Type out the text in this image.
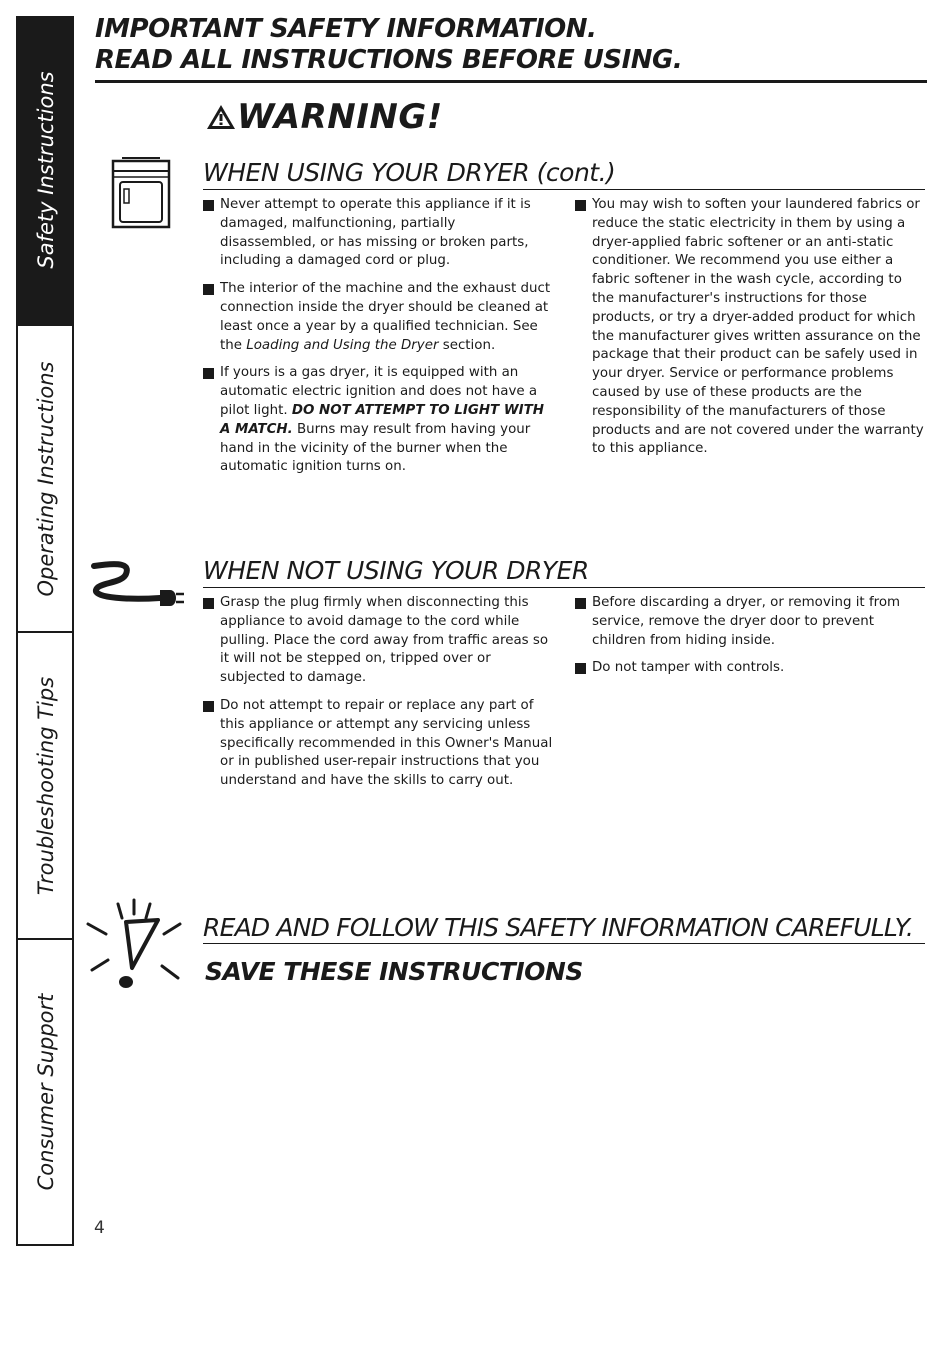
Safety Instructions
Operating Instructions
Troubleshooting Tips
Consumer Support
IMPORTANT SAFETY INFORMATION.
READ ALL INSTRUCTIONS BEFORE USING.
WARNING!
WHEN USING YOUR DRYER (cont.)
Never attempt to operate this appliance if it is damaged, malfunctioning, partially disassembled, or has missing or broken parts, including a damaged cord or plug.
The interior of the machine and the exhaust duct connection inside the dryer should be cleaned at least once a year by a qualified technician. See the Loading and Using the Dryer section.
If yours is a gas dryer, it is equipped with an automatic electric ignition and does not have a pilot light. DO NOT ATTEMPT TO LIGHT WITH A MATCH. Burns may result from having your hand in the vicinity of the burner when the automatic ignition turns on.
You may wish to soften your laundered fabrics or reduce the static electricity in them by using a dryer-applied fabric softener or an anti-static conditioner. We recommend you use either a fabric softener in the wash cycle, according to the manufacturer's instructions for those products, or try a dryer-added product for which the manufacturer gives written assurance on the package that their product can be safely used in your dryer. Service or performance problems caused by use of these products are the responsibility of the manufacturers of those products and are not covered under the warranty to this appliance.
WHEN NOT USING YOUR DRYER
Grasp the plug firmly when disconnecting this appliance to avoid damage to the cord while pulling. Place the cord away from traffic areas so it will not be stepped on, tripped over or subjected to damage.
Do not attempt to repair or replace any part of this appliance or attempt any servicing unless specifically recommended in this Owner's Manual or in published user-repair instructions that you understand and have the skills to carry out.
Before discarding a dryer, or removing it from service, remove the dryer door to prevent children from hiding inside.
Do not tamper with controls.
READ AND FOLLOW THIS SAFETY INFORMATION CAREFULLY.
SAVE THESE INSTRUCTIONS
4
